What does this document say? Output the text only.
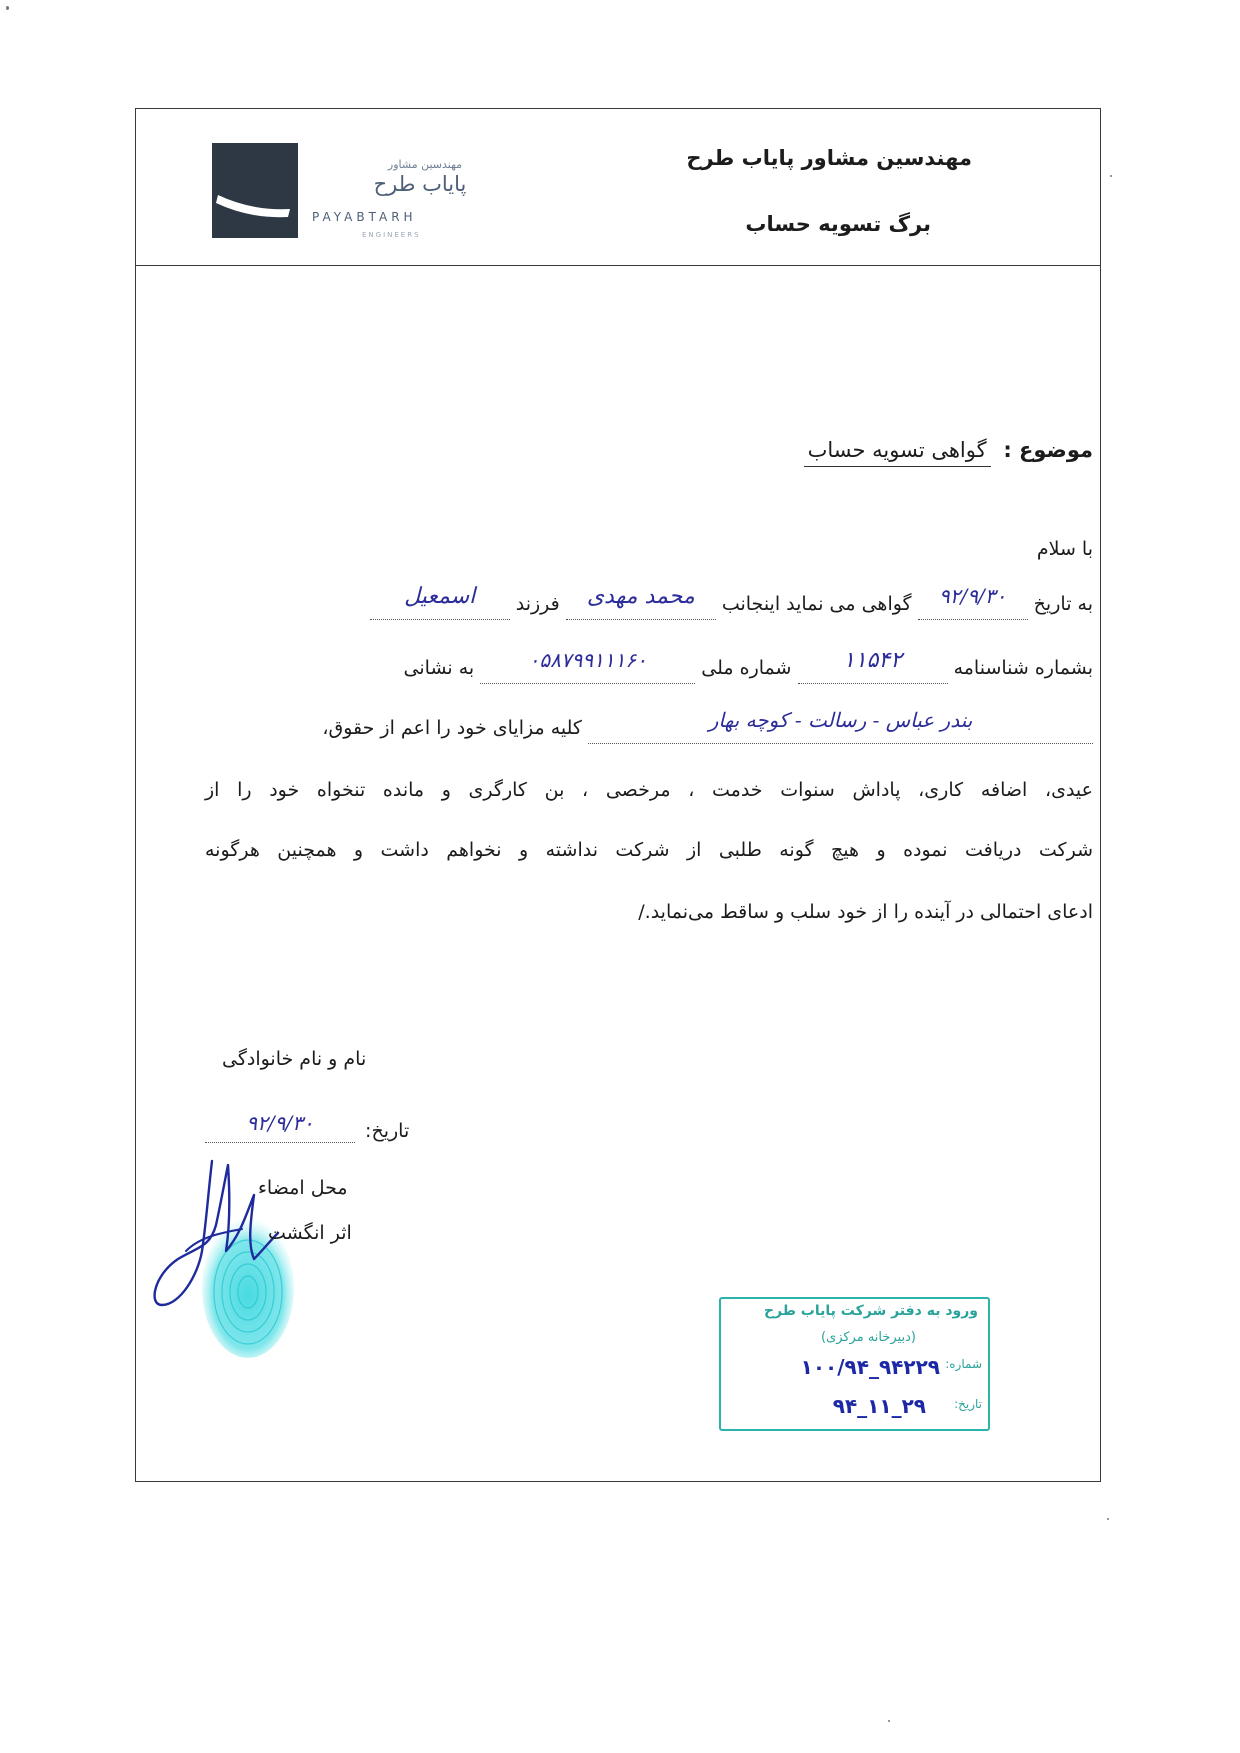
مهندسین مشاور
پایاب طرح
PAYABTARH
ENGINEERS
مهندسین مشاور پایاب طرح
برگ تسویه حساب
موضوع : گواهی تسویه حساب
با سلام
به تاریخ ۹۲/۹/۳۰ گواهی می نماید اینجانب محمد مهدی فرزند اسمعیل
بشماره شناسنامه ۱۱۵۴۲ شماره ملی ۰۵۸۷۹۹۱۱۱۶۰ به نشانی
بندر عباس - رسالت - کوچه بهار کلیه مزایای خود را اعم از حقوق،
عیدی، اضافه کاری، پاداش سنوات خدمت ، مرخصی ، بن کارگری و مانده تنخواه خود را از
شرکت دریافت نموده و هیچ گونه طلبی از شرکت نداشته و نخواهم داشت و همچنین هرگونه
ادعای احتمالی در آینده را از خود سلب و ساقط می‌نماید./
نام و نام خانوادگی
تاریخ: ۹۲/۹/۳۰
محل امضاء
اثر انگشت
ورود به دفتر شرکت پایاب طرح
(دبیرخانه مرکزی)
شماره:
۱۰۰/۹۴_۹۴۲۲۹
تاریخ:
۹۴_۱۱_۲۹
